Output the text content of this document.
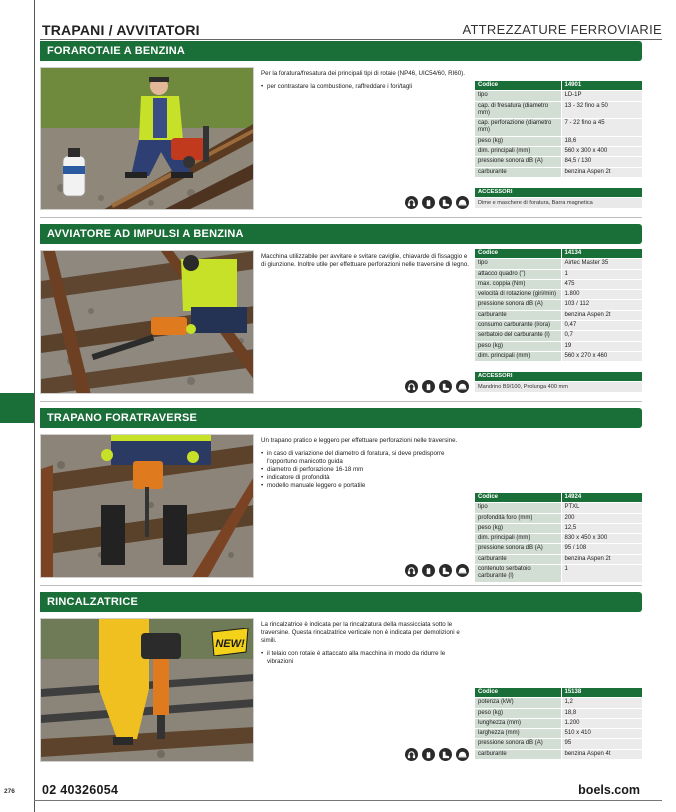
TRAPANI / AVVITATORI	ATTREZZATURE FERROVIARIE
FORAROTAIE A BENZINA

Per la foratura/fresatura dei principali tipi di rotaie (NP46, UIC54/60, RI60).

• per contrastare la combustione, raffreddare i fori/tagli	Codice	14901
tipo	LD-1P
cap. di fresatura (diametro mm)	13 - 32 fino a 50
cap. perforazione (diametro mm)	7 - 22 fino a 45
peso (kg)	18,6
dim. principali (mm)	560 x 300 x 400
pressione sonora dB (A)	84,5 / 130
carburante	benzina Aspen 2t
ACCESSORI
Dime e maschere di foratura, Barra magnetica
AVVIATORE AD IMPULSI A BENZINA

Macchina utilizzabile per avvitare e svitare caviglie, chiavarde di fissaggio e di giunzione. Inoltre utile per effettuare perforazioni nelle traversine di legno.

Codice	14134
tipo	Airtec Master 35
attacco quadro (")	1
max. coppia (Nm)	475
velocità di rotazione (giri/min)	1.800
pressione sonora dB (A)	103 / 112
carburante	benzina Aspen 2t
consumo carburante (l/ora)	0,47
serbatoio del carburante (l)	0,7
peso (kg)	19
dim. principali (mm)	560 x 270 x 460
ACCESSORI
Mandrino B9/100, Prolunga 400 mm
TRAPANO FORATRAVERSE

Un trapano pratico e leggero per effettuare perforazioni nelle traversine.

• in caso di variazione del diametro di foratura, si deve predisporre l'opportuno manicotto guida
• diametro di perforazione 16-18 mm
• indicatore di profondità
• modello manuale leggero e portatile
Codice	14924
tipo	PTXL
profondità foro (mm)	200
peso (kg)	12,5
dim. principali (mm)	830 x 450 x 300
pressione sonora dB (A)	95 / 108
carburante	benzina Aspen 2t
contenuto serbatoio carburante (l)	1
RINCALZATRICE
NEW!

La rincalzatrice è indicata per la rincalzatura della massicciata sotto le traversine. Questa rincalzatrice verticale non è indicata per demolizioni e simili.

• il telaio con rotaie è attaccato alla macchina in modo da ridurre le vibrazioni
Codice	15138
potenza (kW)	1,2
peso (kg)	18,8
lunghezza (mm)	1.200
larghezza (mm)	510 x 410
pressione sonora dB (A)	95
carburante	benzina Aspen 4t
276 02 40326054	boels.com
